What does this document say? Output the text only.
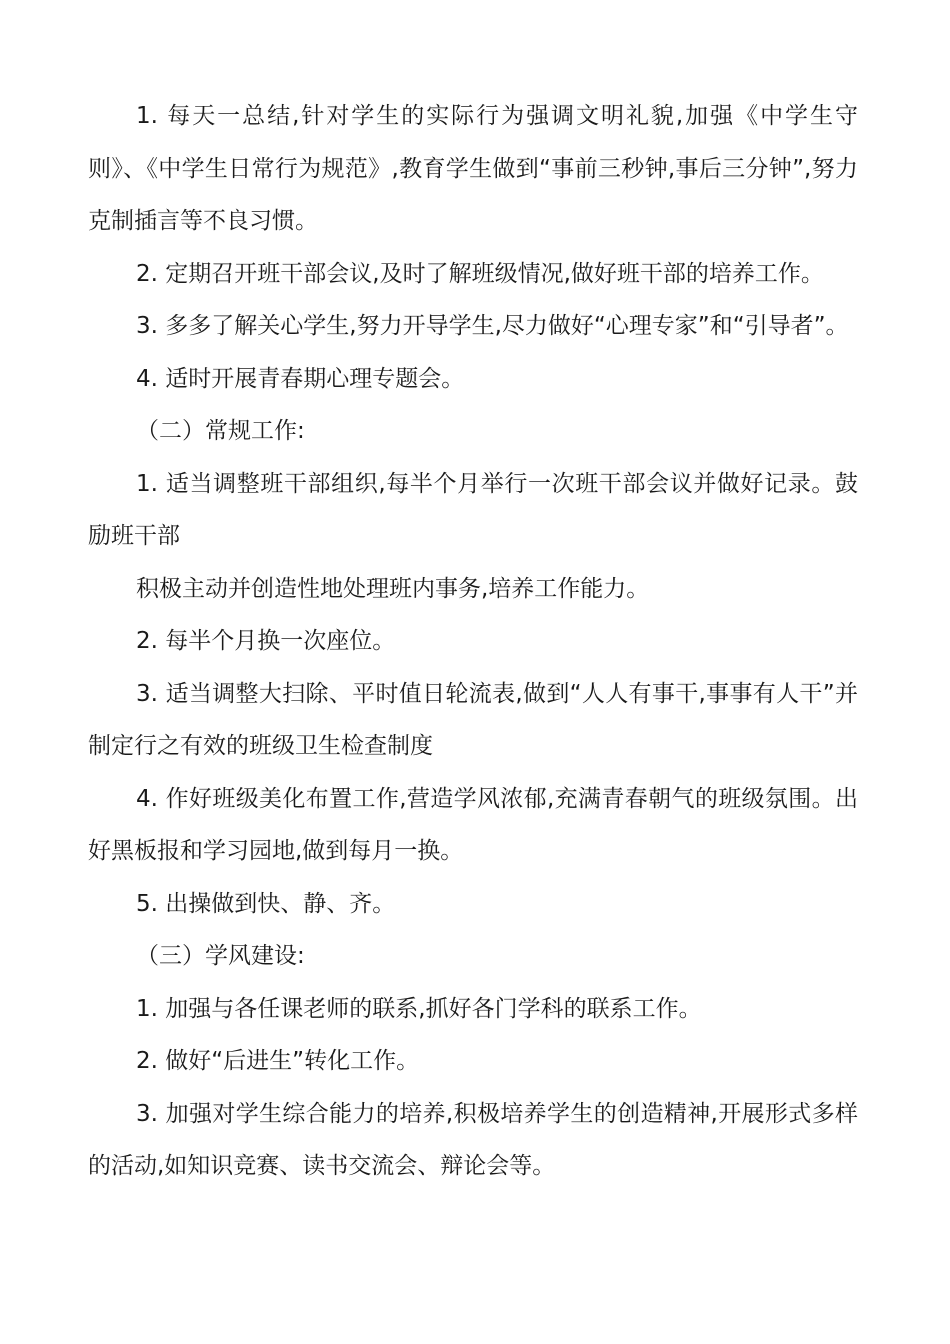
1. 每天一总结,针对学生的实际行为强调文明礼貌,加强《中学生守则》、《中学生日常行为规范》,教育学生做到“事前三秒钟,事后三分钟”,努力克制插言等不良习惯。

2. 定期召开班干部会议,及时了解班级情况,做好班干部的培养工作。

3. 多多了解关心学生,努力开导学生,尽力做好“心理专家”和“引导者”。

4. 适时开展青春期心理专题会。

（二）常规工作:

1. 适当调整班干部组织,每半个月举行一次班干部会议并做好记录。鼓励班干部

积极主动并创造性地处理班内事务,培养工作能力。

2. 每半个月换一次座位。

3. 适当调整大扫除、平时值日轮流表,做到“人人有事干,事事有人干”并制定行之有效的班级卫生检查制度

4. 作好班级美化布置工作,营造学风浓郁,充满青春朝气的班级氛围。出好黑板报和学习园地,做到每月一换。

5. 出操做到快、静、齐。

（三）学风建设:

1. 加强与各任课老师的联系,抓好各门学科的联系工作。

2. 做好“后进生”转化工作。

3. 加强对学生综合能力的培养,积极培养学生的创造精神,开展形式多样的活动,如知识竞赛、读书交流会、辩论会等。
